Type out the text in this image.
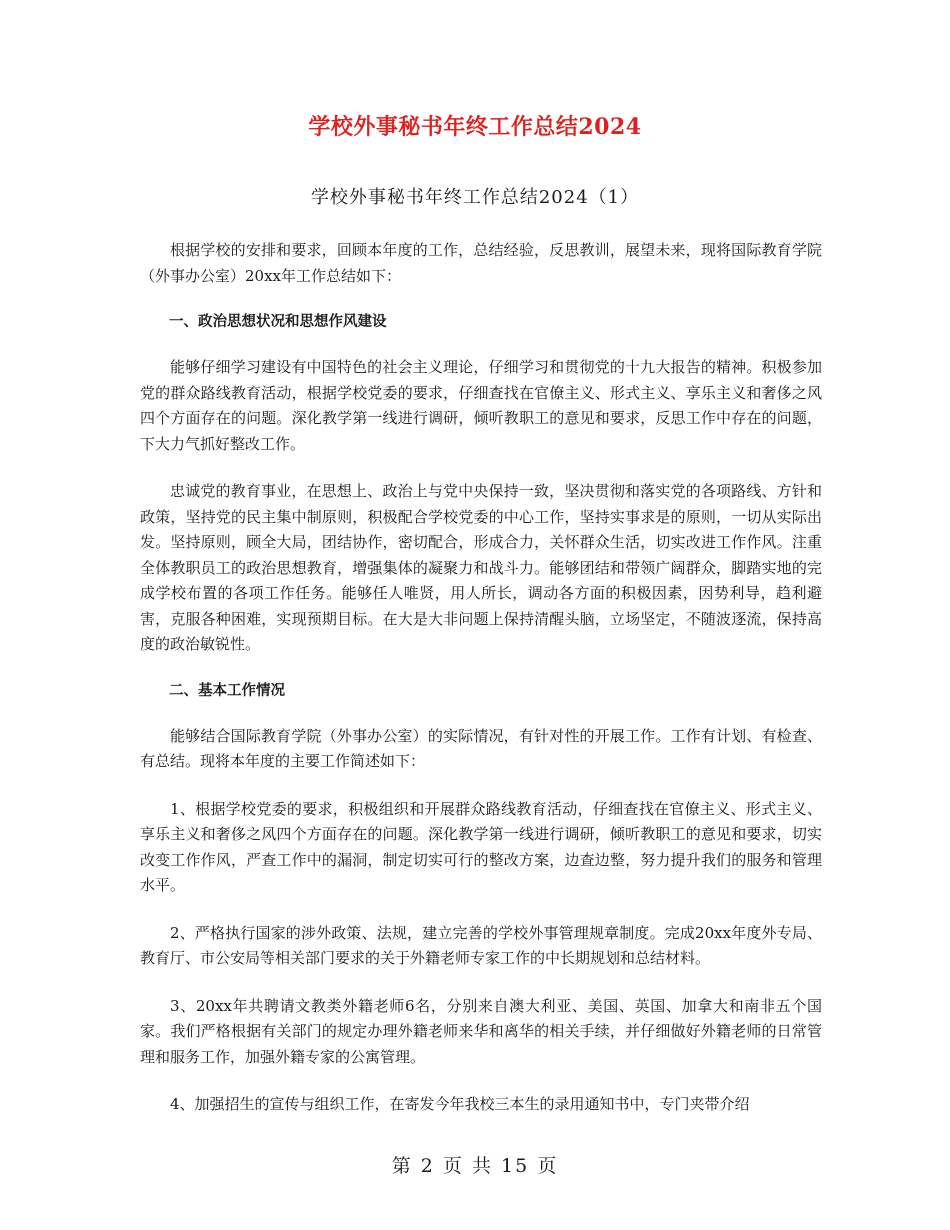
学校外事秘书年终工作总结2024
学校外事秘书年终工作总结2024（1）

根据学校的安排和要求，回顾本年度的工作，总结经验，反思教训，展望未来，现将国际教育学院（外事办公室）20xx年工作总结如下：

一、政治思想状况和思想作风建设

能够仔细学习建设有中国特色的社会主义理论，仔细学习和贯彻党的十九大报告的精神。积极参加党的群众路线教育活动，根据学校党委的要求，仔细查找在官僚主义、形式主义、享乐主义和奢侈之风四个方面存在的问题。深化教学第一线进行调研，倾听教职工的意见和要求，反思工作中存在的问题，下大力气抓好整改工作。

忠诚党的教育事业，在思想上、政治上与党中央保持一致，坚决贯彻和落实党的各项路线、方针和政策，坚持党的民主集中制原则，积极配合学校党委的中心工作，坚持实事求是的原则，一切从实际出发。坚持原则，顾全大局，团结协作，密切配合，形成合力，关怀群众生活，切实改进工作作风。注重全体教职员工的政治思想教育，增强集体的凝聚力和战斗力。能够团结和带领广阔群众，脚踏实地的完成学校布置的各项工作任务。能够任人唯贤，用人所长，调动各方面的积极因素，因势利导，趋利避害，克服各种困难，实现预期目标。在大是大非问题上保持清醒头脑，立场坚定，不随波逐流，保持高度的政治敏锐性。

二、基本工作情况

能够结合国际教育学院（外事办公室）的实际情况，有针对性的开展工作。工作有计划、有检查、有总结。现将本年度的主要工作简述如下：

1、根据学校党委的要求，积极组织和开展群众路线教育活动，仔细查找在官僚主义、形式主义、享乐主义和奢侈之风四个方面存在的问题。深化教学第一线进行调研，倾听教职工的意见和要求，切实改变工作作风，严查工作中的漏洞，制定切实可行的整改方案，边查边整，努力提升我们的服务和管理水平。

2、严格执行国家的涉外政策、法规，建立完善的学校外事管理规章制度。完成20xx年度外专局、教育厅、市公安局等相关部门要求的关于外籍老师专家工作的中长期规划和总结材料。

3、20xx年共聘请文教类外籍老师6名，分别来自澳大利亚、美国、英国、加拿大和南非五个国家。我们严格根据有关部门的规定办理外籍老师来华和离华的相关手续，并仔细做好外籍老师的日常管理和服务工作，加强外籍专家的公寓管理。

4、加强招生的宣传与组织工作，在寄发今年我校三本生的录用通知书中，专门夹带介绍

第 2 页 共 15 页
